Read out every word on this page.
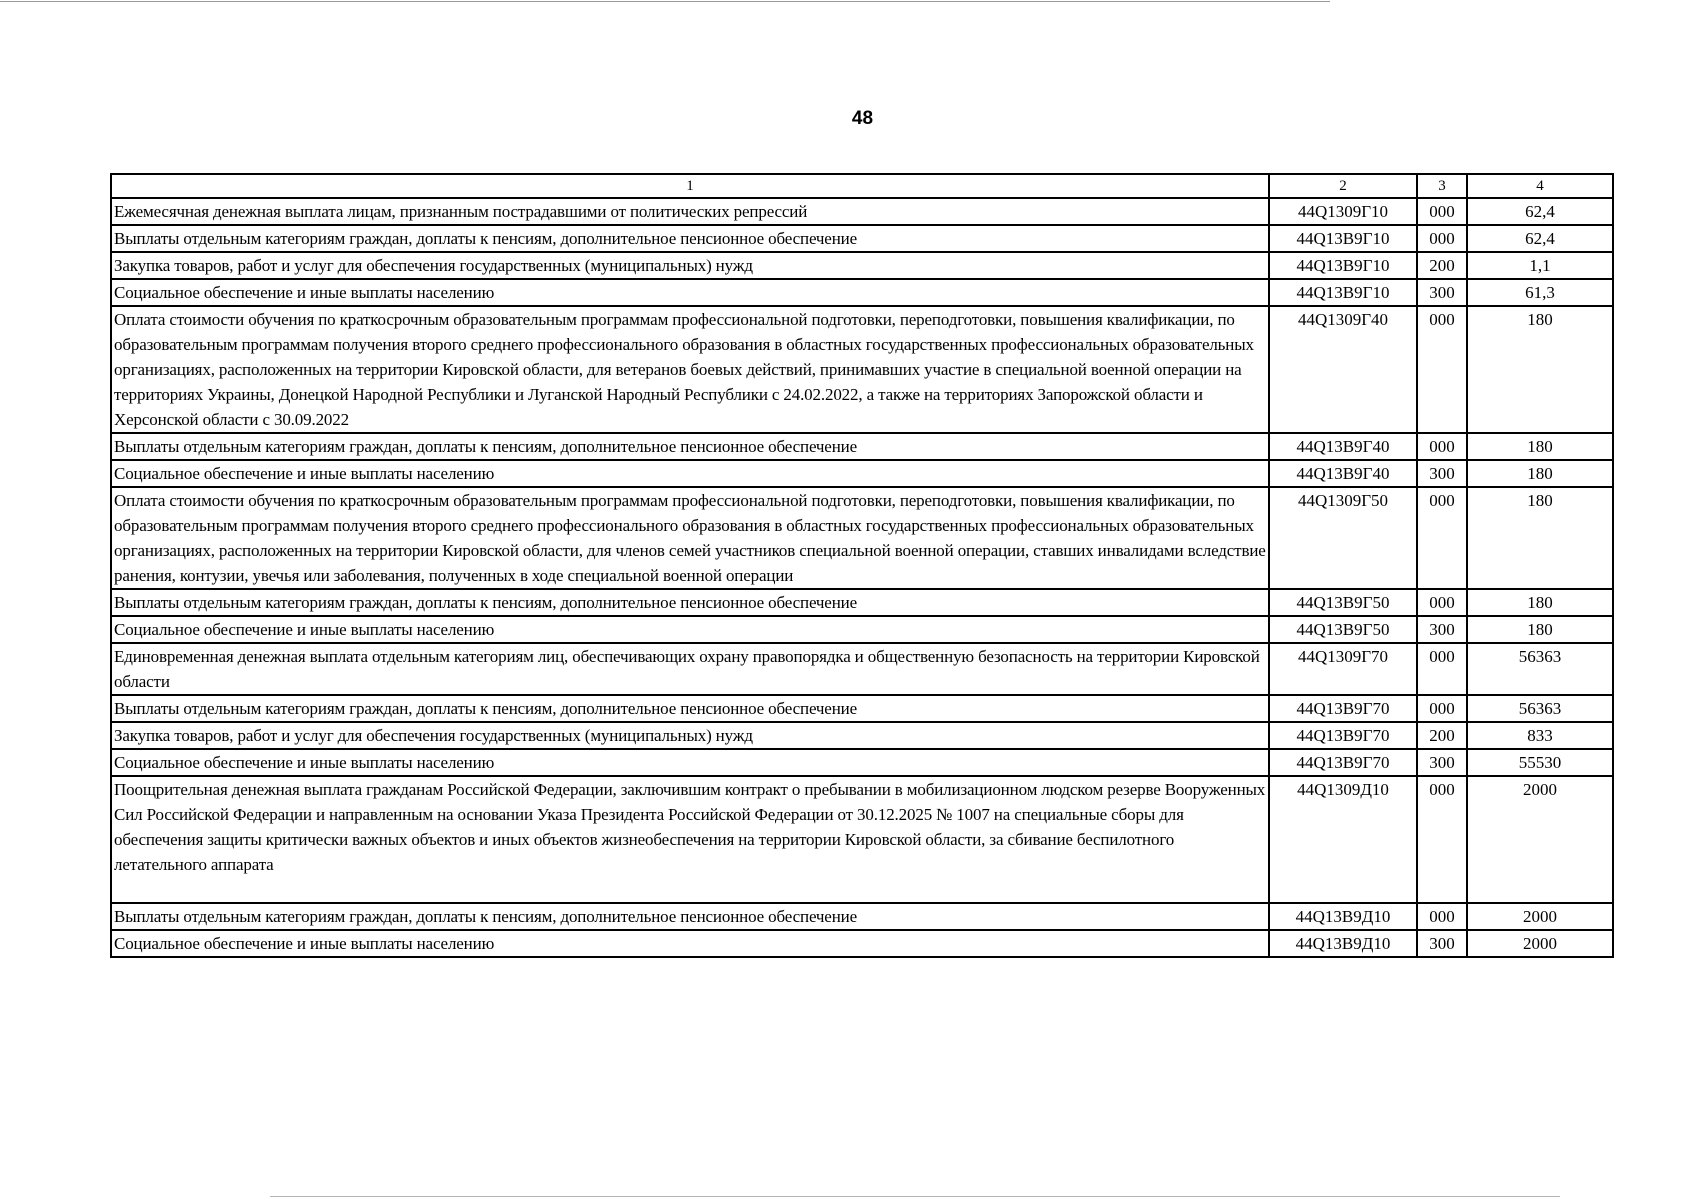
48
1	2	3	4
Ежемесячная денежная выплата лицам, признанным пострадавшими от политических репрессий	44Q1309Г10	000	62,4
Выплаты отдельным категориям граждан, доплаты к пенсиям, дополнительное пенсионное обеспечение	44Q13В9Г10	000	62,4
Закупка товаров, работ и услуг для обеспечения государственных (муниципальных) нужд	44Q13В9Г10	200	1,1
Социальное обеспечение и иные выплаты населению	44Q13В9Г10	300	61,3
Оплата стоимости обучения по краткосрочным образовательным программам профессиональной подготовки, переподготовки, повышения квалификации, по образовательным программам получения второго среднего профессионального образования в областных государственных профессиональных образовательных организациях, расположенных на территории Кировской области, для ветеранов боевых действий, принимавших участие в специальной военной операции на территориях Украины, Донецкой Народной Республики и Луганской Народный Республики с 24.02.2022, а также на территориях Запорожской области и Херсонской области с 30.09.2022	44Q1309Г40	000	180
Выплаты отдельным категориям граждан, доплаты к пенсиям, дополнительное пенсионное обеспечение	44Q13В9Г40	000	180
Социальное обеспечение и иные выплаты населению	44Q13В9Г40	300	180
Оплата стоимости обучения по краткосрочным образовательным программам профессиональной подготовки, переподготовки, повышения квалификации, по образовательным программам получения второго среднего профессионального образования в областных государственных профессиональных образовательных организациях, расположенных на территории Кировской области, для членов семей участников специальной военной операции, ставших инвалидами вследствие ранения, контузии, увечья или заболевания, полученных в ходе специальной военной операции	44Q1309Г50	000	180
Выплаты отдельным категориям граждан, доплаты к пенсиям, дополнительное пенсионное обеспечение	44Q13В9Г50	000	180
Социальное обеспечение и иные выплаты населению	44Q13В9Г50	300	180
Единовременная денежная выплата отдельным категориям лиц, обеспечивающих охрану правопорядка и общественную безопасность на территории Кировской области	44Q1309Г70	000	56363
Выплаты отдельным категориям граждан, доплаты к пенсиям, дополнительное пенсионное обеспечение	44Q13В9Г70	000	56363
Закупка товаров, работ и услуг для обеспечения государственных (муниципальных) нужд	44Q13В9Г70	200	833
Социальное обеспечение и иные выплаты населению	44Q13В9Г70	300	55530
Поощрительная денежная выплата гражданам Российской Федерации, заключившим контракт о пребывании в мобилизационном людском резерве Вооруженных Сил Российской Федерации и направленным на основании Указа Президента Российской Федерации от 30.12.2025 № 1007 на специальные сборы для обеспечения защиты критически важных объектов и иных объектов жизнеобеспечения на территории Кировской области, за сбивание беспилотного летательного аппарата	44Q1309Д10	000	2000
Выплаты отдельным категориям граждан, доплаты к пенсиям, дополнительное пенсионное обеспечение	44Q13В9Д10	000	2000
Социальное обеспечение и иные выплаты населению	44Q13В9Д10	300	2000
